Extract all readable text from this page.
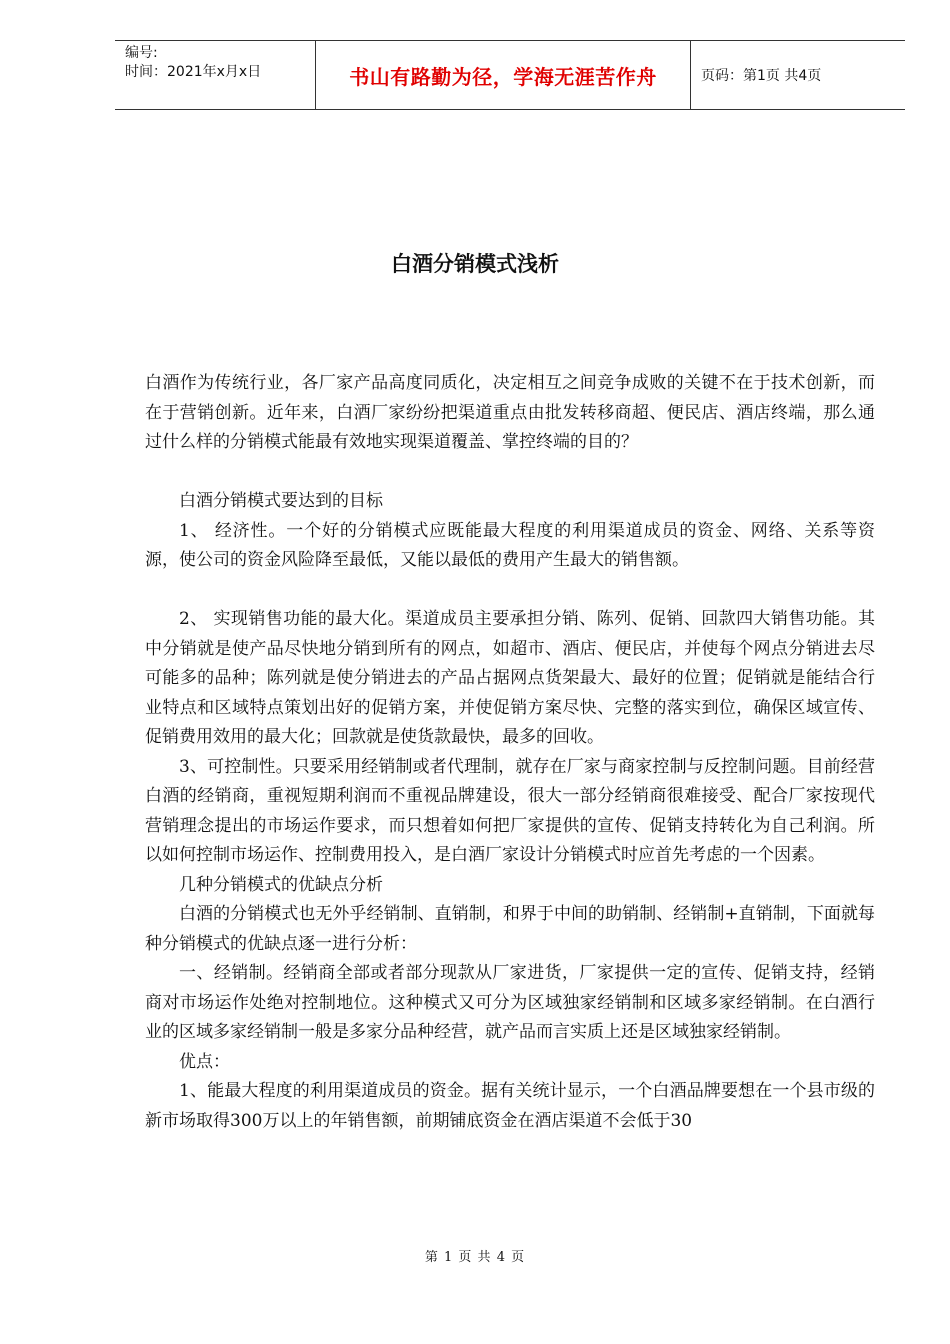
编号:
时间：2021年x月x日	书山有路勤为径，学海无涯苦作舟	页码：第1页 共4页
白酒分销模式浅析

白酒作为传统行业，各厂家产品高度同质化，决定相互之间竞争成败的关键不在于技术创新，而在于营销创新。近年来，白酒厂家纷纷把渠道重点由批发转移商超、便民店、酒店终端，那么通过什么样的分销模式能最有效地实现渠道覆盖、掌控终端的目的？

白酒分销模式要达到的目标

1、 经济性。一个好的分销模式应既能最大程度的利用渠道成员的资金、网络、关系等资源，使公司的资金风险降至最低，又能以最低的费用产生最大的销售额。

2、 实现销售功能的最大化。渠道成员主要承担分销、陈列、促销、回款四大销售功能。其中分销就是使产品尽快地分销到所有的网点，如超市、酒店、便民店，并使每个网点分销进去尽可能多的品种；陈列就是使分销进去的产品占据网点货架最大、最好的位置；促销就是能结合行业特点和区域特点策划出好的促销方案，并使促销方案尽快、完整的落实到位，确保区域宣传、促销费用效用的最大化；回款就是使货款最快，最多的回收。

3、可控制性。只要采用经销制或者代理制，就存在厂家与商家控制与反控制问题。目前经营白酒的经销商，重视短期利润而不重视品牌建设，很大一部分经销商很难接受、配合厂家按现代营销理念提出的市场运作要求，而只想着如何把厂家提供的宣传、促销支持转化为自己利润。所以如何控制市场运作、控制费用投入，是白酒厂家设计分销模式时应首先考虑的一个因素。

几种分销模式的优缺点分析

白酒的分销模式也无外乎经销制、直销制，和界于中间的助销制、经销制+直销制，下面就每种分销模式的优缺点逐一进行分析：

一、经销制。经销商全部或者部分现款从厂家进货，厂家提供一定的宣传、促销支持，经销商对市场运作处绝对控制地位。这种模式又可分为区域独家经销制和区域多家经销制。在白酒行业的区域多家经销制一般是多家分品种经营，就产品而言实质上还是区域独家经销制。

优点：

1、能最大程度的利用渠道成员的资金。据有关统计显示，一个白酒品牌要想在一个县市级的新市场取得300万以上的年销售额，前期铺底资金在酒店渠道不会低于30

第 1 页 共 4 页
